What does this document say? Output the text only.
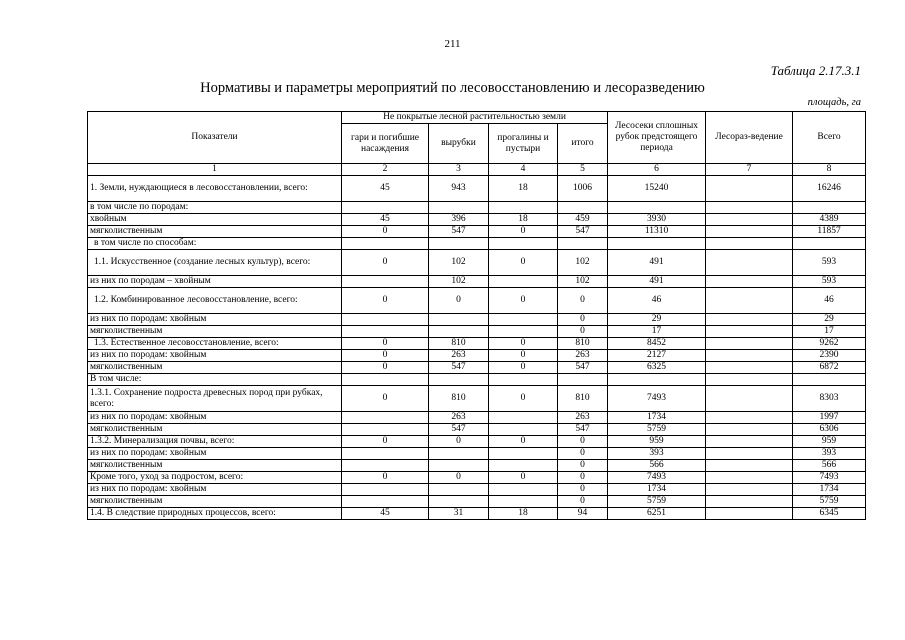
211
Таблица 2.17.3.1
Нормативы и параметры мероприятий по лесовосстановлению и лесоразведению
площадь, га
Показатели	Не покрытые лесной растительностью земли				Лесосеки сплошных рубок предстоящего периода	Лесораз-ведение	Всего
	гари и погибшие насаждения	вырубки	прогалины и пустыри	итого			
1	2	3	4	5	6	7	8
1. Земли, нуждающиеся в лесовосстановлении, всего:	45	943	18	1006	15240		16246
в том числе по породам:							
хвойным	45	396	18	459	3930		4389
мягколиственным	0	547	0	547	11310		11857
в том числе по способам:							
1.1. Искусственное (создание лесных культур), всего:	0	102	0	102	491		593
из них по породам – хвойным		102		102	491		593
1.2. Комбинированное лесовосстановление, всего:	0	0	0	0	46		46
из них по породам: хвойным				0	29		29
мягколиственным				0	17		17
1.3. Естественное лесовосстановление, всего:	0	810	0	810	8452		9262
из них по породам: хвойным	0	263	0	263	2127		2390
мягколиственным	0	547	0	547	6325		6872
В том числе:							
1.3.1. Сохранение подроста древесных пород при рубках, всего:	0	810	0	810	7493		8303
из них по породам: хвойным		263		263	1734		1997
мягколиственным		547		547	5759		6306
1.3.2. Минерализация почвы, всего:	0	0	0	0	959		959
из них по породам: хвойным				0	393		393
мягколиственным				0	566		566
Кроме того, уход за подростом, всего:	0	0	0	0	7493		7493
из них по породам: хвойным				0	1734		1734
мягколиственным				0	5759		5759
1.4. В следствие природных процессов, всего:	45	31	18	94	6251		6345
